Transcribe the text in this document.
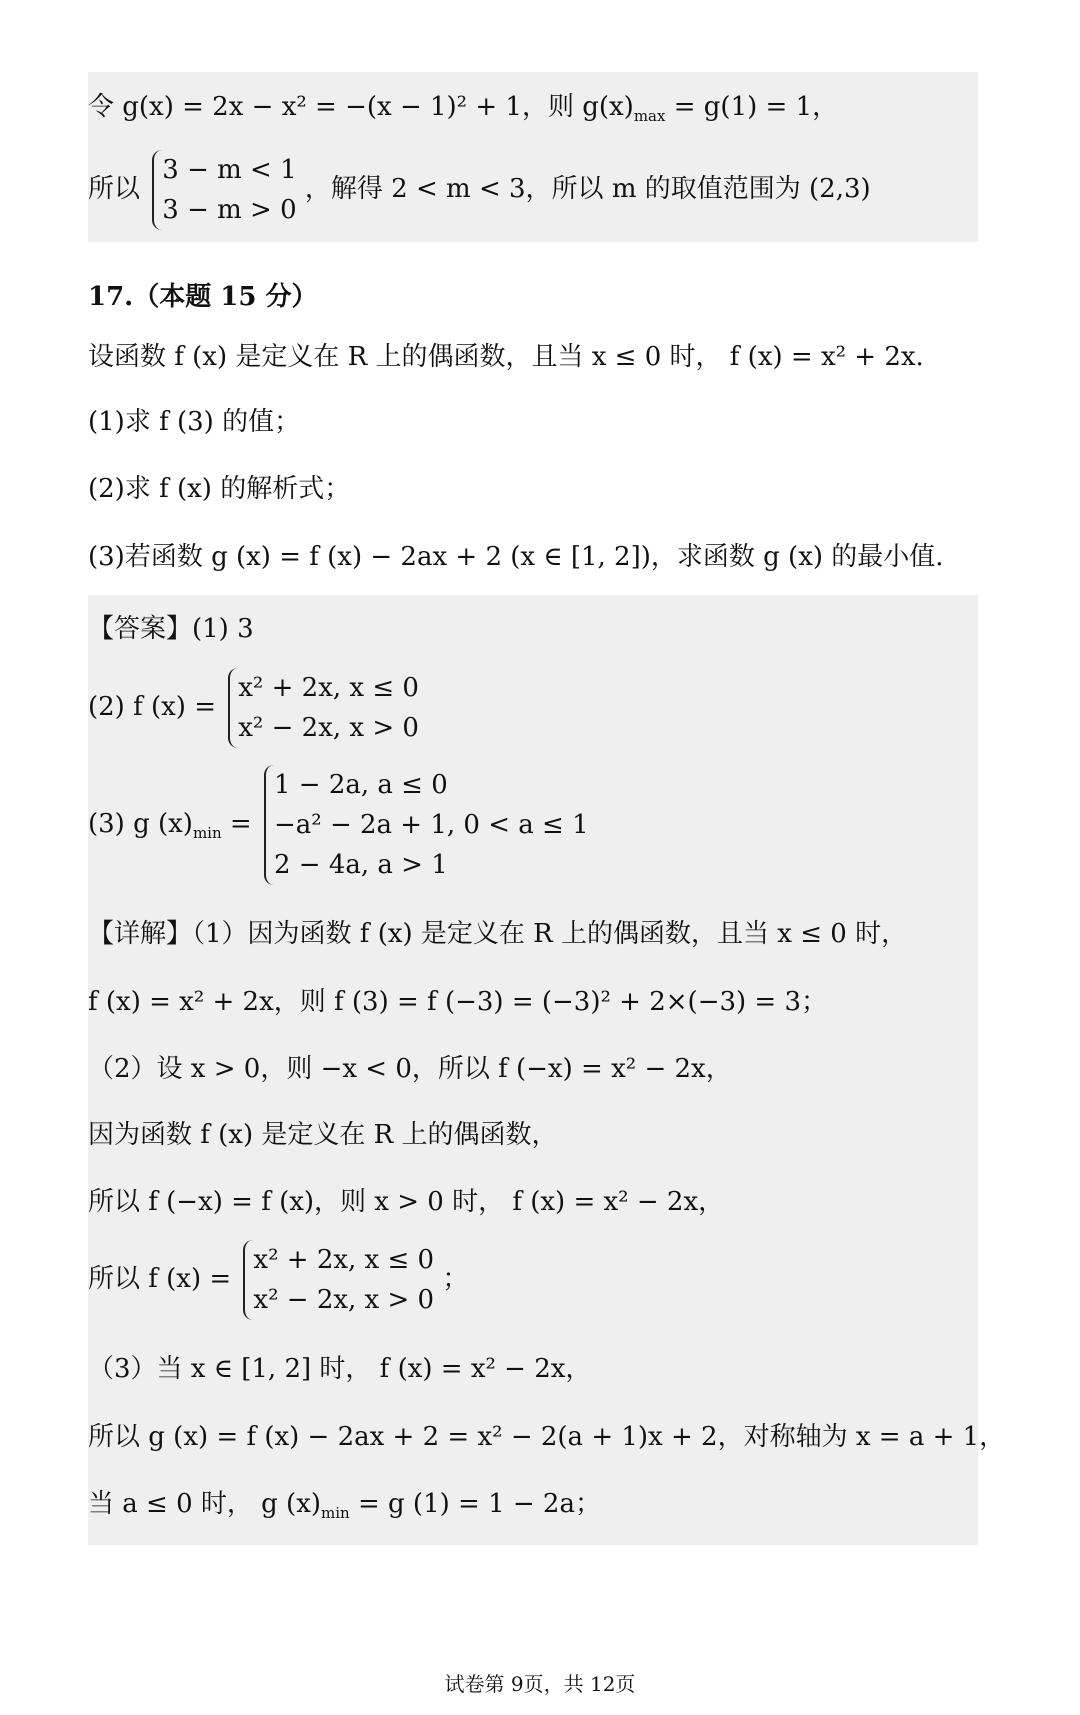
令 g(x) = 2x − x² = −(x − 1)² + 1，则 $g(x)_{max} = g(1) = 1$，
所以
3 − m < 1
3 − m > 0
，解得 2 < m < 3，所以 m 的取值范围为 (2,3)
17.（本题 15 分）
设函数 f (x) 是定义在 R 上的偶函数，且当 x ≤ 0 时， f (x) = x² + 2x.
(1)求 f (3) 的值；
(2)求 f (x) 的解析式；
(3)若函数 g (x) = f (x) − 2ax + 2 (x ∈ [1, 2])，求函数 g (x) 的最小值.
【答案】(1) 3
(2) f (x) =
x² + 2x, x ≤ 0
x² − 2x, x > 0
(3) g $(x)_{min}$ =
1 − 2a, a ≤ 0
−a² − 2a + 1, 0 < a ≤ 1
2 − 4a, a > 1
【详解】（1）因为函数 f (x) 是定义在 R 上的偶函数，且当 x ≤ 0 时，
f (x) = x² + 2x，则 f (3) = f (−3) = (−3)² + 2×(−3) = 3；
（2）设 x > 0，则 −x < 0，所以 f (−x) = x² − 2x，
因为函数 f (x) 是定义在 R 上的偶函数，
所以 f (−x) = f (x)，则 x > 0 时， f (x) = x² − 2x，
所以 f (x) =
x² + 2x, x ≤ 0
x² − 2x, x > 0
；
（3）当 x ∈ [1, 2] 时， f (x) = x² − 2x，
所以 g (x) = f (x) − 2ax + 2 = x² − 2(a + 1)x + 2，对称轴为 x = a + 1，
当 a ≤ 0 时， g $(x)_{min} = g$ (1) = 1 − 2a；
试卷第 9页，共 12页
